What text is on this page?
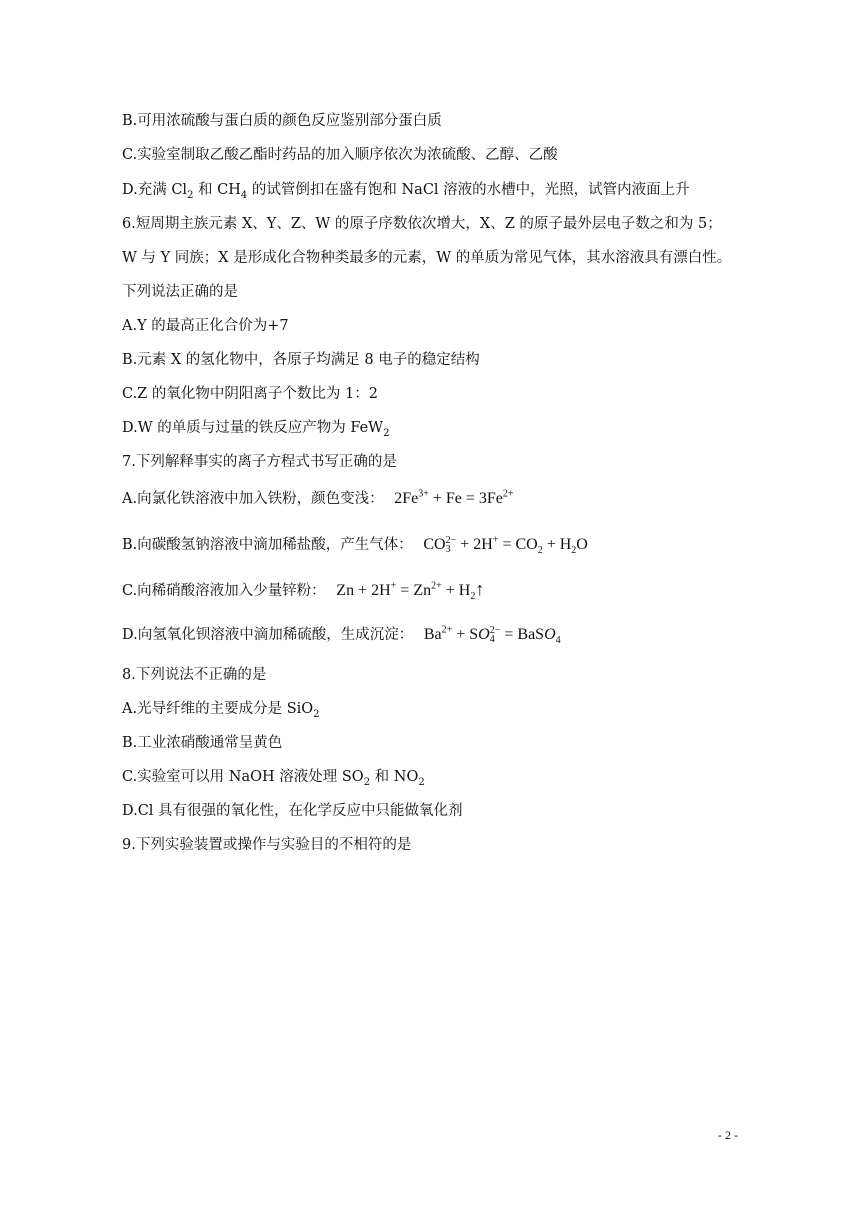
B.可用浓硫酸与蛋白质的颜色反应鉴别部分蛋白质
C.实验室制取乙酸乙酯时药品的加入顺序依次为浓硫酸、乙醇、乙酸
D.充满 $Cl_2$ 和 $CH_4$ 的试管倒扣在盛有饱和 NaCl 溶液的水槽中，光照，试管内液面上升
6.短周期主族元素 X、Y、Z、W 的原子序数依次增大，X、Z 的原子最外层电子数之和为 5；
W 与 Y 同族；X 是形成化合物种类最多的元素，W 的单质为常见气体，其水溶液具有漂白性。
下列说法正确的是
A.Y 的最高正化合价为+7
B.元素 X 的氢化物中，各原子均满足 8 电子的稳定结构
C.Z 的氧化物中阴阳离子个数比为 1：2
D.W 的单质与过量的铁反应产物为 FeW$_2$
7.下列解释事实的离子方程式书写正确的是
A.向氯化铁溶液中加入铁粉，颜色变浅： $2Fe^{3+} + Fe = 3Fe^{2+}$
B.向碳酸氢钠溶液中滴加稀盐酸，产生气体： CO 2−
$3 + 2H^+ = CO_2 + H_2O$
C.向稀硝酸溶液加入少量锌粉： $Zn + 2H^+ = Zn^{2+}$ + $H_2↑$
D.向氢氧化钡溶液中滴加稀硫酸，生成沉淀： $Ba^{2+}$ + SO 2−
4 = BaSO$_4$
8.下列说法不正确的是
A.光导纤维的主要成分是 SiO$_2$
B.工业浓硝酸通常呈黄色
C.实验室可以用 NaOH 溶液处理 $SO_2$ 和 $NO_2$
D.Cl 具有很强的氧化性，在化学反应中只能做氧化剂
9.下列实验装置或操作与实验目的不相符的是
- 2 -
